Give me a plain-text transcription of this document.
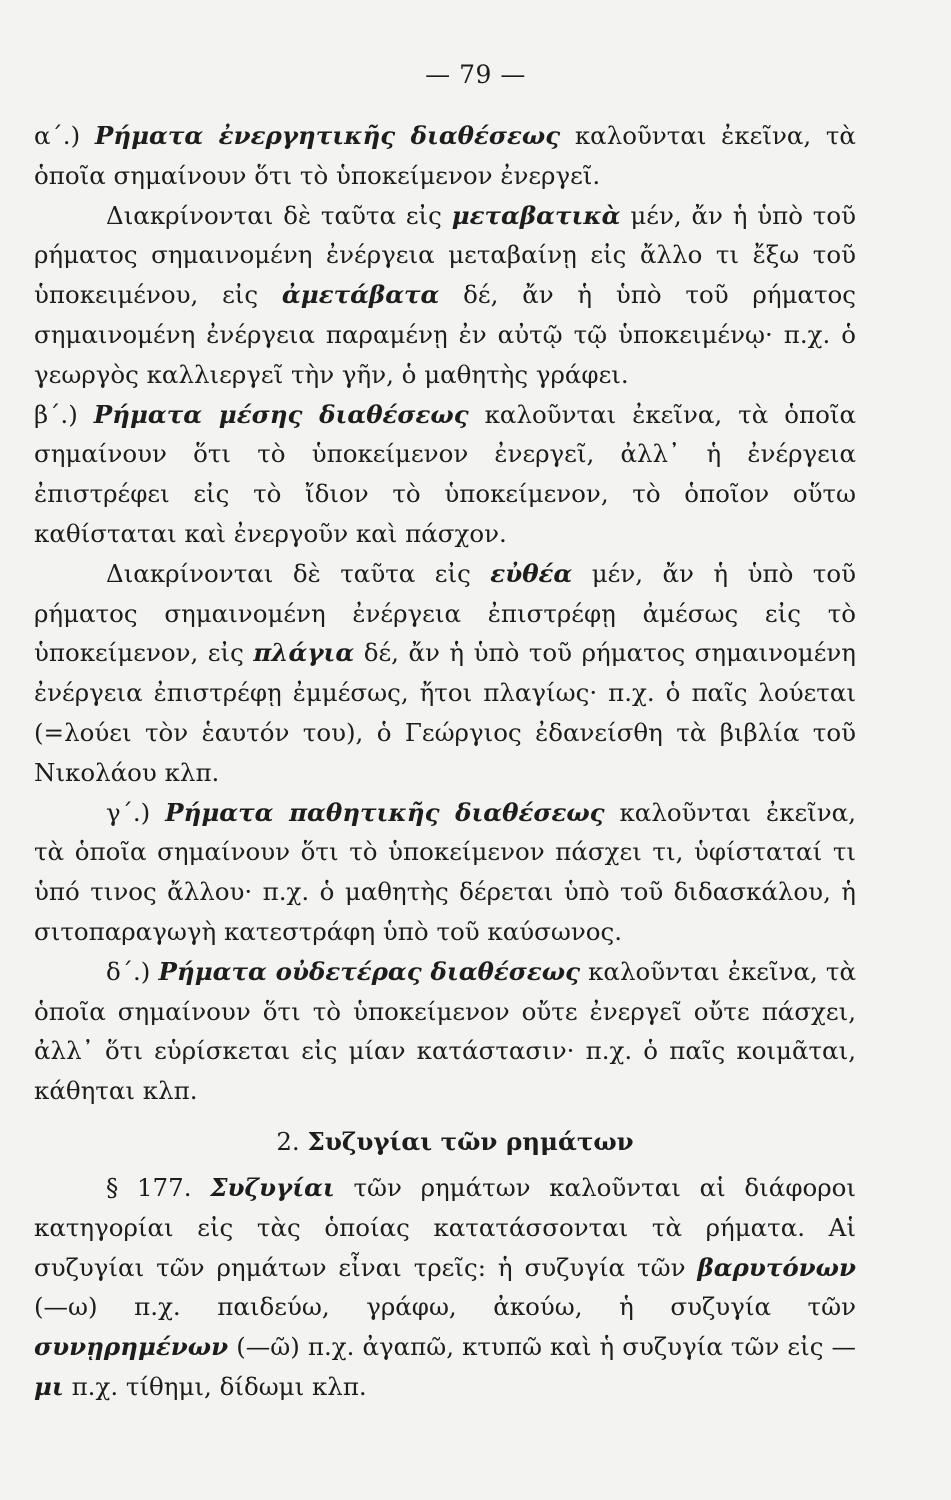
— 79 —

α΄.) Ρήματα ἐνεργητικῆς διαθέσεως καλοῦνται ἐκεῖνα, τὰ ὁποῖα σημαίνουν ὅτι τὸ ὑποκείμενον ἐνεργεῖ.

Διακρίνονται δὲ ταῦτα εἰς μεταβατικὰ μέν, ἄν ἡ ὑπὸ τοῦ ρήματος σημαινομένη ἐνέργεια μεταβαίνῃ εἰς ἄλλο τι ἔξω τοῦ ὑποκειμένου, εἰς ἀμετάβατα δέ, ἄν ἡ ὑπὸ τοῦ ρήματος σημαινομένη ἐνέργεια παραμένῃ ἐν αὐτῷ τῷ ὑποκειμένῳ· π.χ. ὁ γεωργὸς καλλιεργεῖ τὴν γῆν, ὁ μαθητὴς γράφει.

β΄.) Ρήματα μέσης διαθέσεως καλοῦνται ἐκεῖνα, τὰ ὁποῖα σημαίνουν ὅτι τὸ ὑποκείμενον ἐνεργεῖ, ἀλλ᾽ ἡ ἐνέργεια ἐπιστρέφει εἰς τὸ ἴδιον τὸ ὑποκείμενον, τὸ ὁποῖον οὕτω καθίσταται καὶ ἐνεργοῦν καὶ πάσχον.

Διακρίνονται δὲ ταῦτα εἰς εὐθέα μέν, ἄν ἡ ὑπὸ τοῦ ρήματος σημαινομένη ἐνέργεια ἐπιστρέφῃ ἀμέσως εἰς τὸ ὑποκείμενον, εἰς πλάγια δέ, ἄν ἡ ὑπὸ τοῦ ρήματος σημαινομένη ἐνέργεια ἐπιστρέφῃ ἐμμέσως, ἤτοι πλαγίως· π.χ. ὁ παῖς λούεται (=λούει τὸν ἑαυτόν του), ὁ Γεώργιος ἐδανείσθη τὰ βιβλία τοῦ Νικολάου κλπ.

γ΄.) Ρήματα παθητικῆς διαθέσεως καλοῦνται ἐκεῖνα, τὰ ὁποῖα σημαίνουν ὅτι τὸ ὑποκείμενον πάσχει τι, ὑφίσταταί τι ὑπό τινος ἄλλου· π.χ. ὁ μαθητὴς δέρεται ὑπὸ τοῦ διδασκάλου, ἡ σιτοπαραγωγὴ κατεστράφη ὑπὸ τοῦ καύσωνος.

δ΄.) Ρήματα οὐδετέρας διαθέσεως καλοῦνται ἐκεῖνα, τὰ ὁποῖα σημαίνουν ὅτι τὸ ὑποκείμενον οὔτε ἐνεργεῖ οὔτε πάσχει, ἀλλ᾽ ὅτι εὑρίσκεται εἰς μίαν κατάστασιν· π.χ. ὁ παῖς κοιμᾶται, κάθηται κλπ.

2. Συζυγίαι τῶν ρημάτων

§ 177. Συζυγίαι τῶν ρημάτων καλοῦνται αἱ διάφοροι κατηγορίαι εἰς τὰς ὁποίας κατατάσσονται τὰ ρήματα. Αἱ συζυγίαι τῶν ρημάτων εἶναι τρεῖς: ἡ συζυγία τῶν βαρυτόνων (—ω) π.χ. παιδεύω, γράφω, ἀκούω, ἡ συζυγία τῶν συνῃρημένων (—ῶ) π.χ. ἀγαπῶ, κτυπῶ καὶ ἡ συζυγία τῶν εἰς —μι π.χ. τίθημι, δίδωμι κλπ.
